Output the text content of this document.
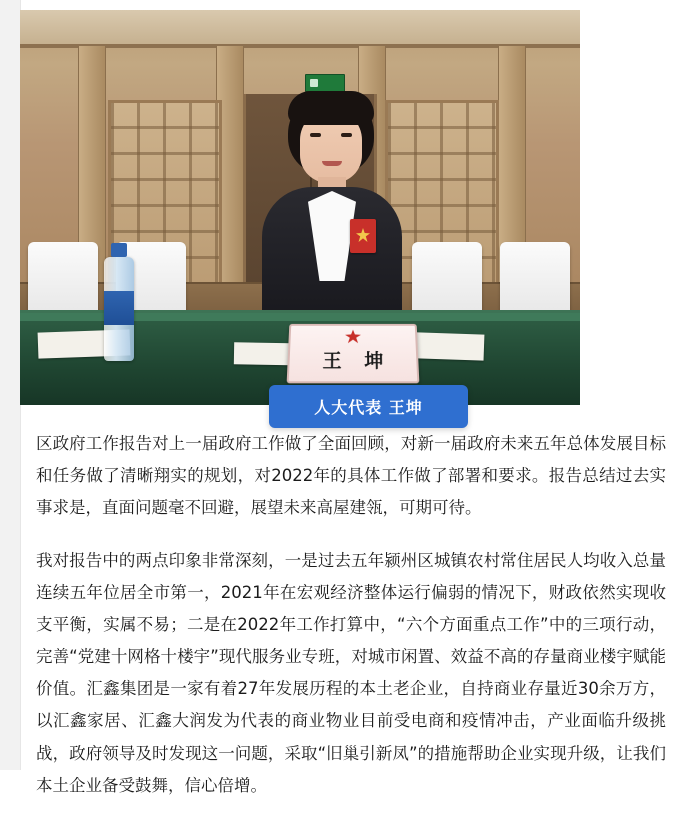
王 坤
人大代表 王坤

区政府工作报告对上一届政府工作做了全面回顾，对新一届政府未来五年总体发展目标和任务做了清晰翔实的规划，对2022年的具体工作做了部署和要求。报告总结过去实事求是，直面问题毫不回避，展望未来高屋建瓴，可期可待。

我对报告中的两点印象非常深刻，一是过去五年颍州区城镇农村常住居民人均收入总量连续五年位居全市第一，2021年在宏观经济整体运行偏弱的情况下，财政依然实现收支平衡，实属不易；二是在2022年工作打算中，“六个方面重点工作”中的三项行动，完善“党建十网格十楼宇”现代服务业专班，对城市闲置、效益不高的存量商业楼宇赋能价值。汇鑫集团是一家有着27年发展历程的本土老企业，自持商业存量近30余万方，以汇鑫家居、汇鑫大润发为代表的商业物业目前受电商和疫情冲击，产业面临升级挑战，政府领导及时发现这一问题，采取“旧巢引新凤”的措施帮助企业实现升级，让我们本土企业备受鼓舞，信心倍增。
